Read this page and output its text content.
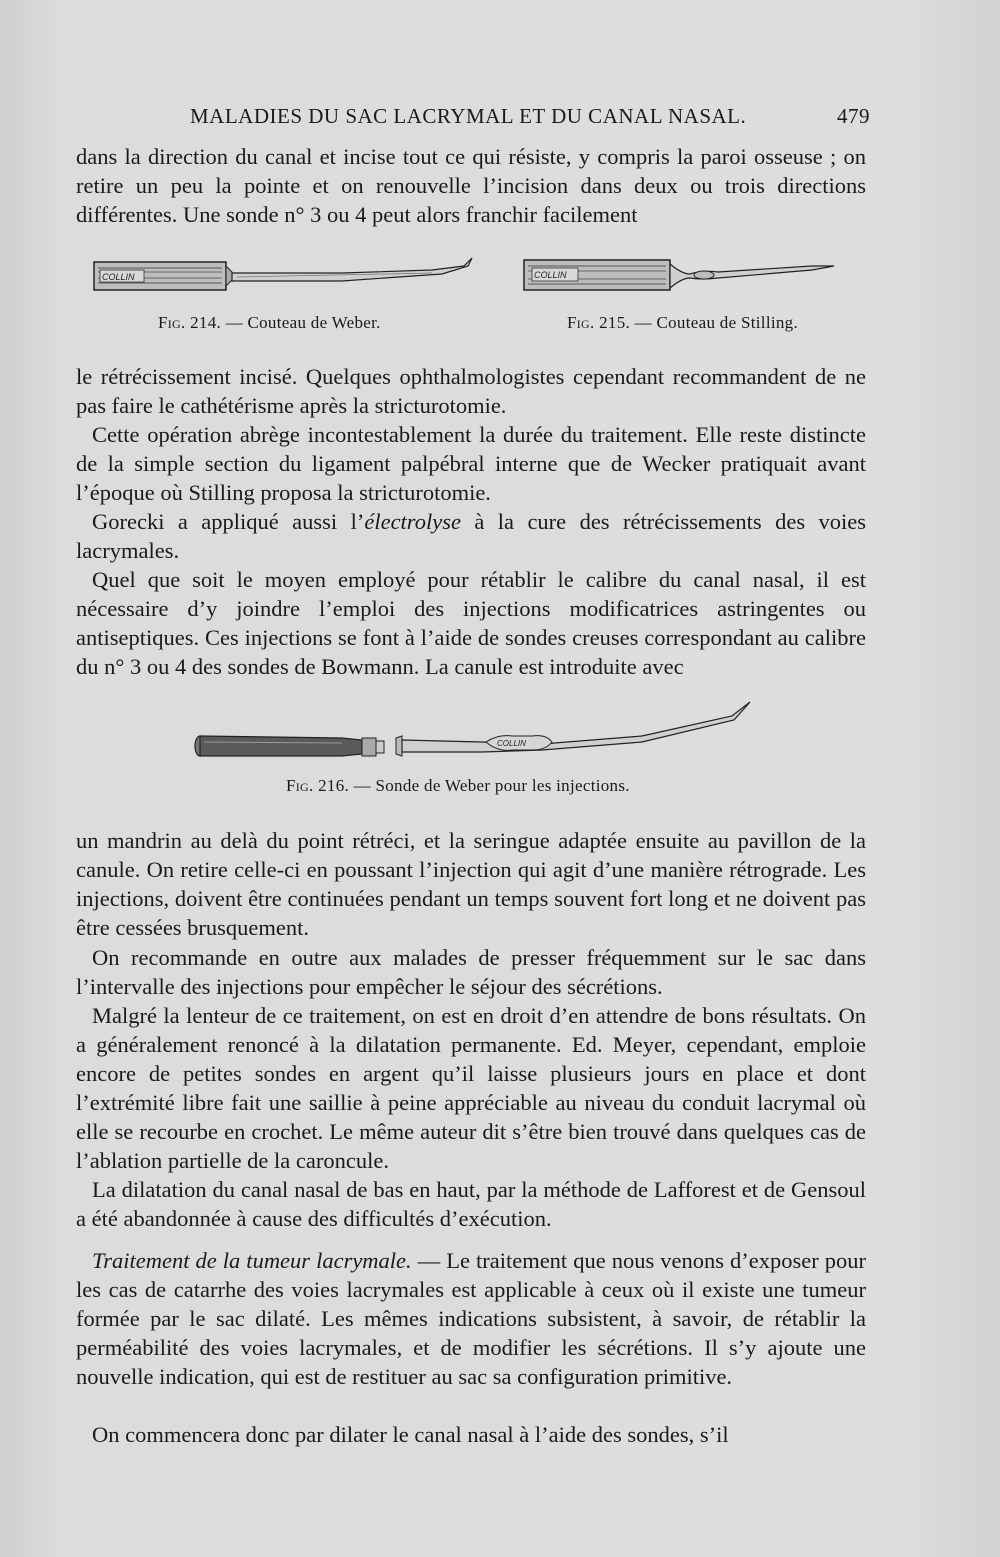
MALADIES DU SAC LACRYMAL ET DU CANAL NASAL.	479

dans la direction du canal et incise tout ce qui résiste, y compris la paroi osseuse ; on retire un peu la pointe et on renouvelle l’incision dans deux ou trois directions différentes. Une sonde n° 3 ou 4 peut alors franchir facilement

COLLIN
Fig. 214. — Couteau de Weber.
COLLIN
Fig. 215. — Couteau de Stilling.

le rétrécissement incisé. Quelques ophthalmologistes cependant recommandent de ne pas faire le cathétérisme après la stricturotomie.

Cette opération abrège incontestablement la durée du traitement. Elle reste distincte de la simple section du ligament palpébral interne que de Wecker pratiquait avant l’époque où Stilling proposa la stricturotomie.

Gorecki a appliqué aussi l’électrolyse à la cure des rétrécissements des voies lacrymales.

Quel que soit le moyen employé pour rétablir le calibre du canal nasal, il est nécessaire d’y joindre l’emploi des injections modificatrices astringentes ou antiseptiques. Ces injections se font à l’aide de sondes creuses correspondant au calibre du n° 3 ou 4 des sondes de Bowmann. La canule est introduite avec

COLLIN
Fig. 216. — Sonde de Weber pour les injections.

un mandrin au delà du point rétréci, et la seringue adaptée ensuite au pavillon de la canule. On retire celle-ci en poussant l’injection qui agit d’une manière rétrograde. Les injections, doivent être continuées pendant un temps souvent fort long et ne doivent pas être cessées brusquement.

On recommande en outre aux malades de presser fréquemment sur le sac dans l’intervalle des injections pour empêcher le séjour des sécrétions.

Malgré la lenteur de ce traitement, on est en droit d’en attendre de bons résultats. On a généralement renoncé à la dilatation permanente. Ed. Meyer, cependant, emploie encore de petites sondes en argent qu’il laisse plusieurs jours en place et dont l’extrémité libre fait une saillie à peine appréciable au niveau du conduit lacrymal où elle se recourbe en crochet. Le même auteur dit s’être bien trouvé dans quelques cas de l’ablation partielle de la caroncule.

La dilatation du canal nasal de bas en haut, par la méthode de Lafforest et de Gensoul a été abandonnée à cause des difficultés d’exécution.

Traitement de la tumeur lacrymale. — Le traitement que nous venons d’exposer pour les cas de catarrhe des voies lacrymales est applicable à ceux où il existe une tumeur formée par le sac dilaté. Les mêmes indications subsistent, à savoir, de rétablir la perméabilité des voies lacrymales, et de modifier les sécrétions. Il s’y ajoute une nouvelle indication, qui est de restituer au sac sa configuration primitive.

On commencera donc par dilater le canal nasal à l’aide des sondes, s’il
